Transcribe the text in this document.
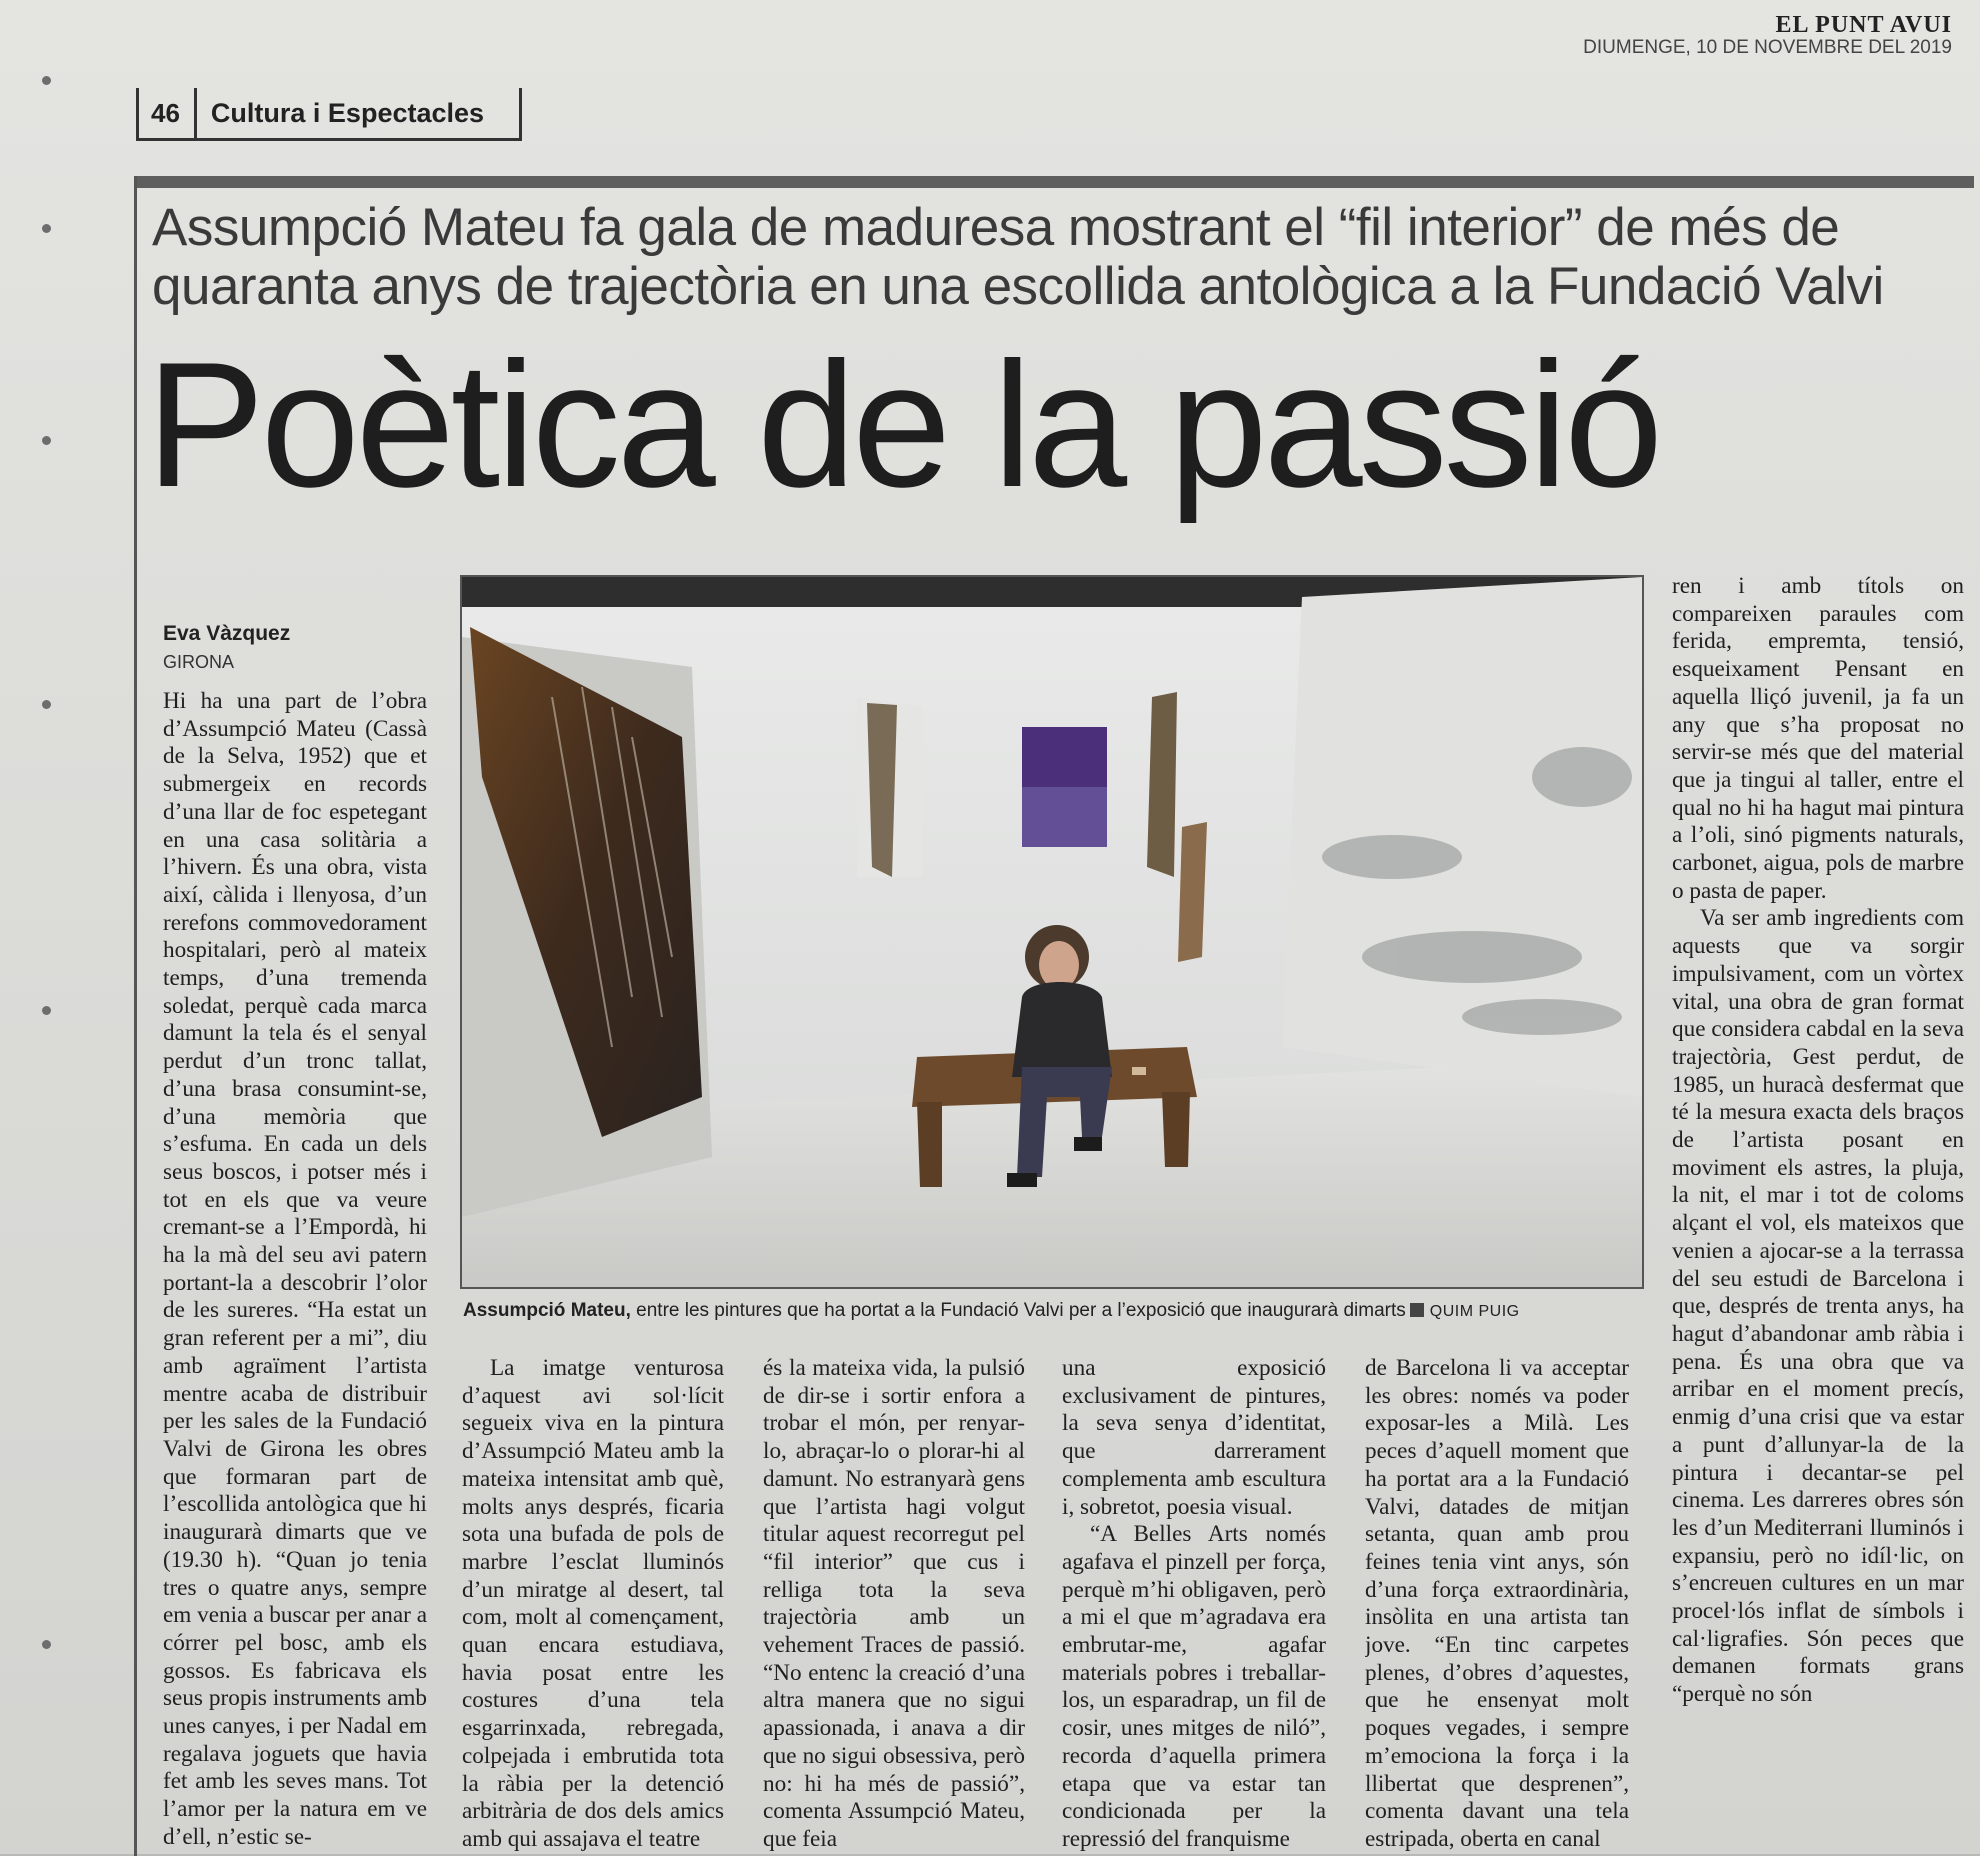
EL PUNT AVUI
DIUMENGE, 10 DE NOVEMBRE DEL 2019
46	Cultura i Espectacles
Assumpció Mateu fa gala de maduresa mostrant el “fil interior” de més de
quaranta anys de trajectòria en una escollida antològica a la Fundació Valvi
Poètica de la passió
Eva Vàzquez
GIRONA

Hi ha una part de l’obra d’Assumpció Mateu (Cassà de la Selva, 1952) que et submergeix en records d’una llar de foc espetegant en una casa solitària a l’hivern. És una obra, vista així, càlida i llenyosa, d’un rerefons commovedorament hospitalari, però al mateix temps, d’una tremenda soledat, perquè cada marca damunt la tela és el senyal perdut d’un tronc tallat, d’una brasa consumint-se, d’una memòria que s’esfuma. En cada un dels seus boscos, i potser més i tot en els que va veure cremant-se a l’Empordà, hi ha la mà del seu avi patern portant-la a descobrir l’olor de les sureres. “Ha estat un gran referent per a mi”, diu amb agraïment l’artista mentre acaba de distribuir per les sales de la Fundació Valvi de Girona les obres que formaran part de l’escollida antològica que hi inaugurarà dimarts que ve (19.30 h). “Quan jo tenia tres o quatre anys, sempre em venia a buscar per anar a córrer pel bosc, amb els gossos. Es fabricava els seus propis instruments amb unes canyes, i per Nadal em regalava joguets que havia fet amb les seves mans. Tot l’amor per la natura em ve d’ell, n’estic se-

Assumpció Mateu, entre les pintures que ha portat a la Fundació Valvi per a l’exposició que inaugurarà dimarts QUIM PUIG

La imatge venturosa d’aquest avi sol·lícit segueix viva en la pintura d’Assumpció Mateu amb la mateixa intensitat amb què, molts anys després, ficaria sota una bufada de pols de marbre l’esclat lluminós d’un miratge al desert, tal com, molt al començament, quan encara estudiava, havia posat entre les costures d’una tela esgarrinxada, rebregada, colpejada i embrutida tota la ràbia per la detenció arbitrària de dos dels amics amb qui assajava el teatre

és la mateixa vida, la pulsió de dir-se i sortir enfora a trobar el món, per renyar-lo, abraçar-lo o plorar-hi al damunt. No estranyarà gens que l’artista hagi volgut titular aquest recorregut pel “fil interior” que cus i relliga tota la seva trajectòria amb un vehement Traces de passió. “No entenc la creació d’una altra manera que no sigui apassionada, i anava a dir que no sigui obsessiva, però no: hi ha més de passió”, comenta Assumpció Mateu, que feia

una exposició exclusivament de pintures, la seva senya d’identitat, que darrerament complementa amb escultura i, sobretot, poesia visual.

“A Belles Arts només agafava el pinzell per força, perquè m’hi obligaven, però a mi el que m’agradava era embrutar-me, agafar materials pobres i treballar-los, un esparadrap, un fil de cosir, unes mitges de niló”, recorda d’aquella primera etapa que va estar tan condicionada per la repressió del franquisme

de Barcelona li va acceptar les obres: només va poder exposar-les a Milà. Les peces d’aquell moment que ha portat ara a la Fundació Valvi, datades de mitjan setanta, quan amb prou feines tenia vint anys, són d’una força extraordinària, insòlita en una artista tan jove. “En tinc carpetes plenes, d’obres d’aquestes, que he ensenyat molt poques vegades, i sempre m’emociona la força i la llibertat que desprenen”, comenta davant una tela estripada, oberta en canal

ren i amb títols on compareixen paraules com ferida, empremta, tensió, esqueixament Pensant en aquella lliçó juvenil, ja fa un any que s’ha proposat no servir-se més que del material que ja tingui al taller, entre el qual no hi ha hagut mai pintura a l’oli, sinó pigments naturals, carbonet, aigua, pols de marbre o pasta de paper.

Va ser amb ingredients com aquests que va sorgir impulsivament, com un vòrtex vital, una obra de gran format que considera cabdal en la seva trajectòria, Gest perdut, de 1985, un huracà desfermat que té la mesura exacta dels braços de l’artista posant en moviment els astres, la pluja, la nit, el mar i tot de coloms alçant el vol, els mateixos que venien a ajocar-se a la terrassa del seu estudi de Barcelona i que, després de trenta anys, ha hagut d’abandonar amb ràbia i pena. És una obra que va arribar en el moment precís, enmig d’una crisi que va estar a punt d’allunyar-la de la pintura i decantar-se pel cinema. Les darreres obres són les d’un Mediterrani lluminós i expansiu, però no idíl·lic, on s’encreuen cultures en un mar procel·lós inflat de símbols i cal·ligrafies. Són peces que demanen formats grans “perquè no són
